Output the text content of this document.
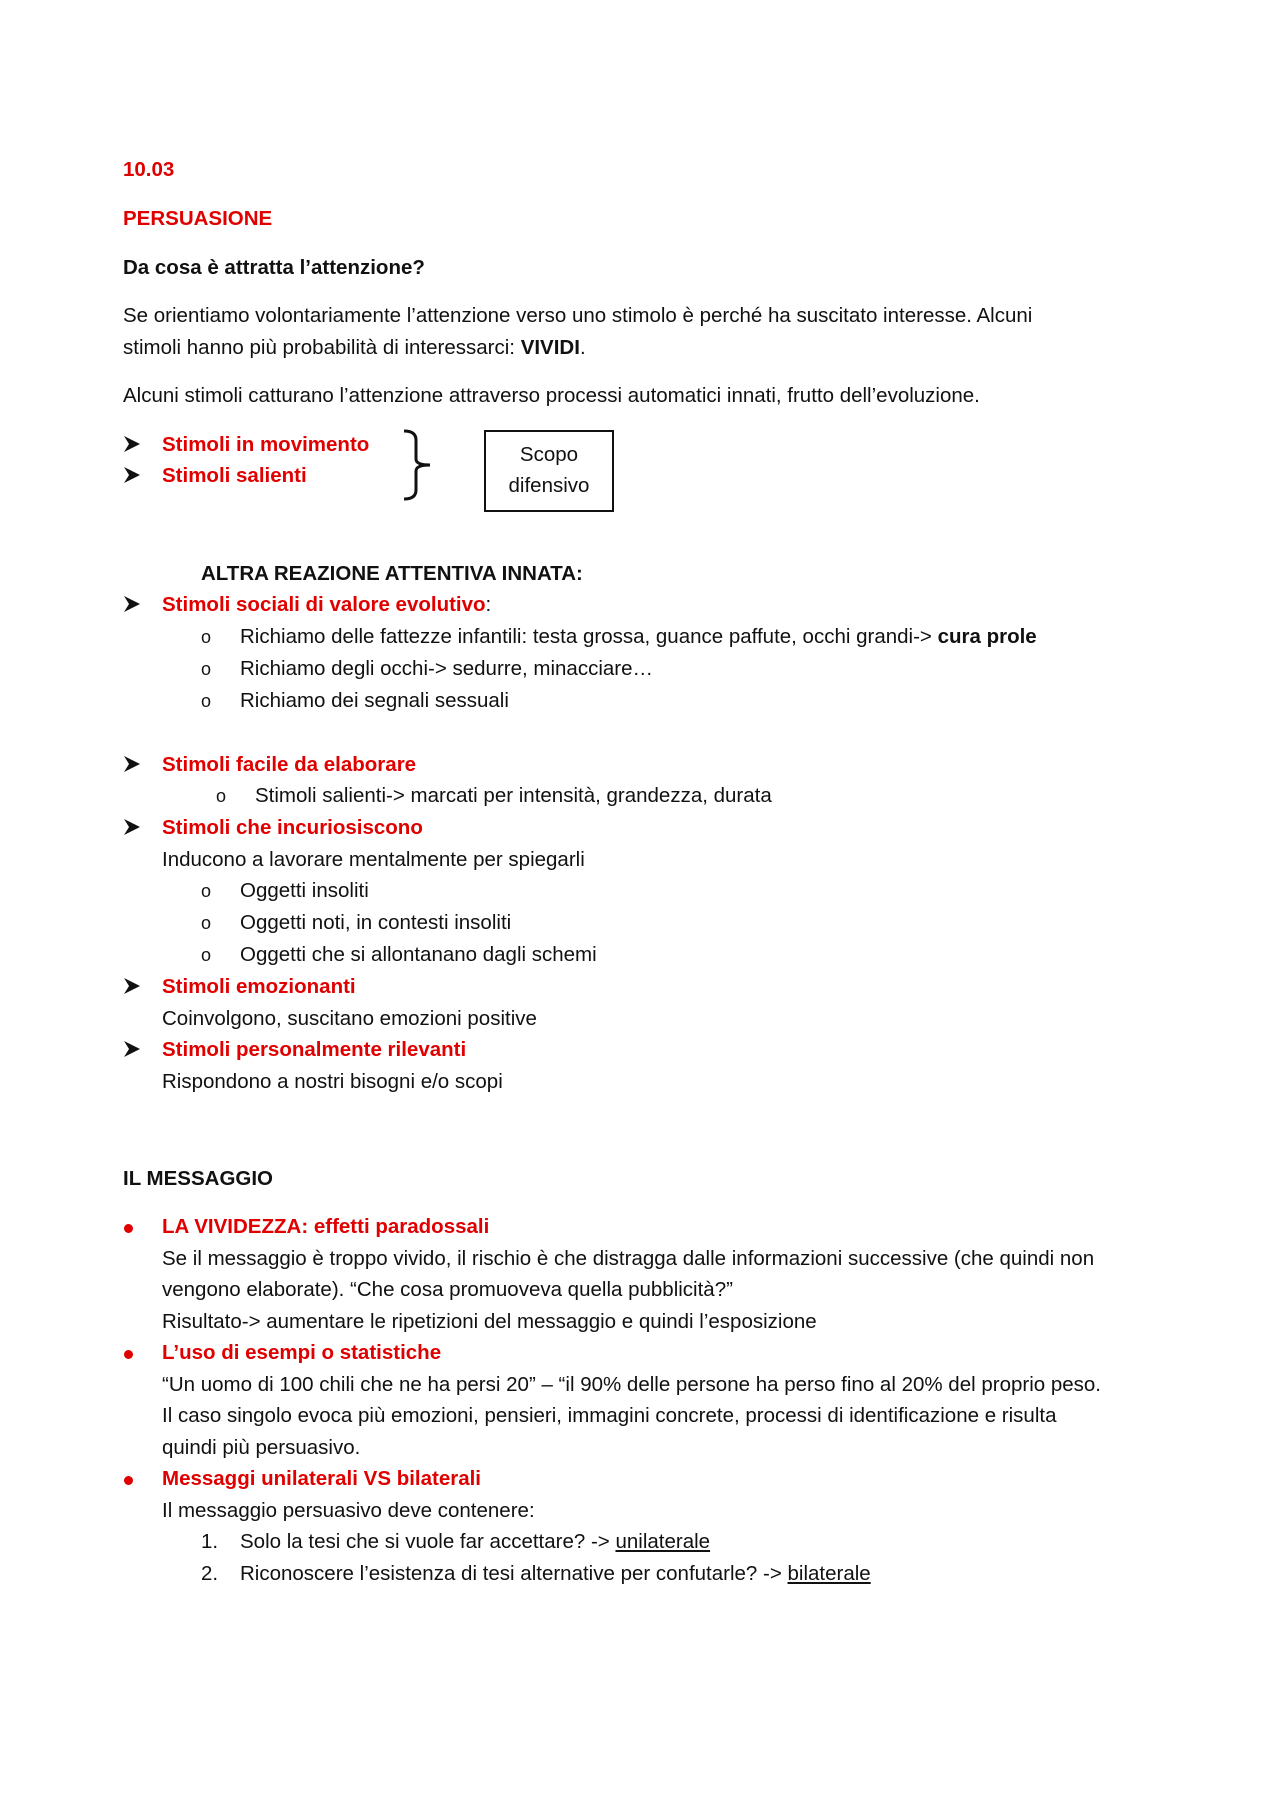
10.03
PERSUASIONE
Da cosa è attratta l’attenzione?
Se orientiamo volontariamente l’attenzione verso uno stimolo è perché ha suscitato interesse. Alcuni
stimoli hanno più probabilità di interessarci: VIVIDI.
Alcuni stimoli catturano l’attenzione attraverso processi automatici innati, frutto dell’evoluzione.
Stimoli in movimento
Stimoli salienti
Scopo
difensivo
ALTRA REAZIONE ATTENTIVA INNATA:
Stimoli sociali di valore evolutivo:
o Richiamo delle fattezze infantili: testa grossa, guance paffute, occhi grandi-> cura prole
o Richiamo degli occhi-> sedurre, minacciare…
o Richiamo dei segnali sessuali
Stimoli facile da elaborare
o Stimoli salienti-> marcati per intensità, grandezza, durata
Stimoli che incuriosiscono
Inducono a lavorare mentalmente per spiegarli
o Oggetti insoliti
o Oggetti noti, in contesti insoliti
o Oggetti che si allontanano dagli schemi
Stimoli emozionanti
Coinvolgono, suscitano emozioni positive
Stimoli personalmente rilevanti
Rispondono a nostri bisogni e/o scopi
IL MESSAGGIO
LA VIVIDEZZA: effetti paradossali
Se il messaggio è troppo vivido, il rischio è che distragga dalle informazioni successive (che quindi non
vengono elaborate). “Che cosa promuoveva quella pubblicità?”
Risultato-> aumentare le ripetizioni del messaggio e quindi l’esposizione
L’uso di esempi o statistiche
“Un uomo di 100 chili che ne ha persi 20” – “il 90% delle persone ha perso fino al 20% del proprio peso.
Il caso singolo evoca più emozioni, pensieri, immagini concrete, processi di identificazione e risulta
quindi più persuasivo.
Messaggi unilaterali VS bilaterali
Il messaggio persuasivo deve contenere:
1. Solo la tesi che si vuole far accettare? -> unilaterale
2. Riconoscere l’esistenza di tesi alternative per confutarle? -> bilaterale
